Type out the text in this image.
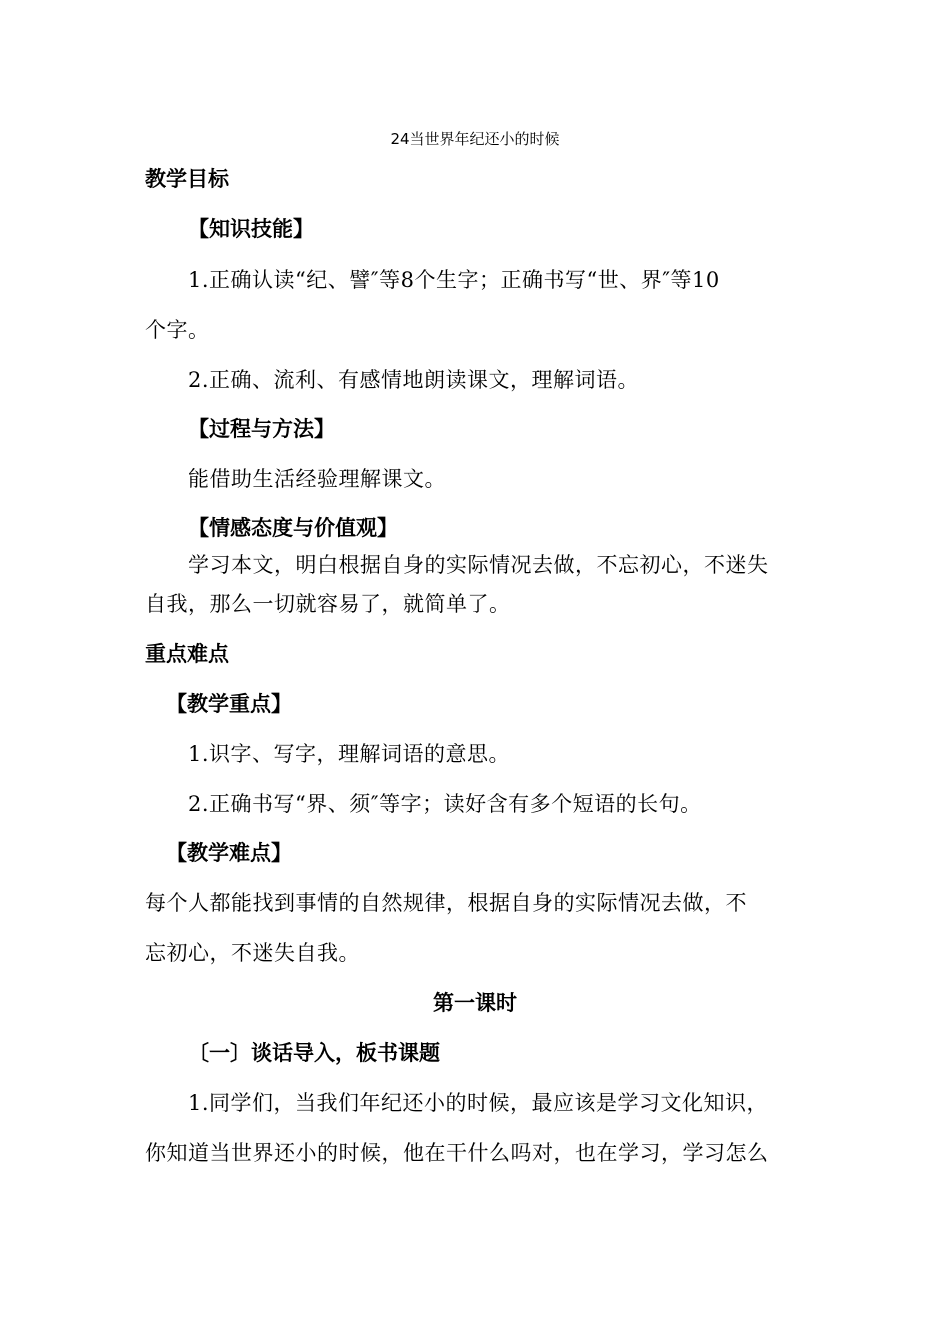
24当世界年纪还小的时候
教学目标
【知识技能】
1.正确认读“纪、譬″等8个生字；正确书写“世、界″等10
个字。
2.正确、流利、有感情地朗读课文，理解词语。
【过程与方法】
能借助生活经验理解课文。
【情感态度与价值观】
学习本文，明白根据自身的实际情况去做，不忘初心，不迷失
自我，那么一切就容易了，就简单了。
重点难点
【教学重点】
1.识字、写字，理解词语的意思。
2.正确书写“界、须″等字；读好含有多个短语的长句。
【教学难点】
每个人都能找到事情的自然规律，根据自身的实际情况去做，不
忘初心，不迷失自我。
第一课时
〔一〕谈话导入，板书课题
1.同学们，当我们年纪还小的时候，最应该是学习文化知识，
你知道当世界还小的时候，他在干什么吗对，也在学习，学习怎么
